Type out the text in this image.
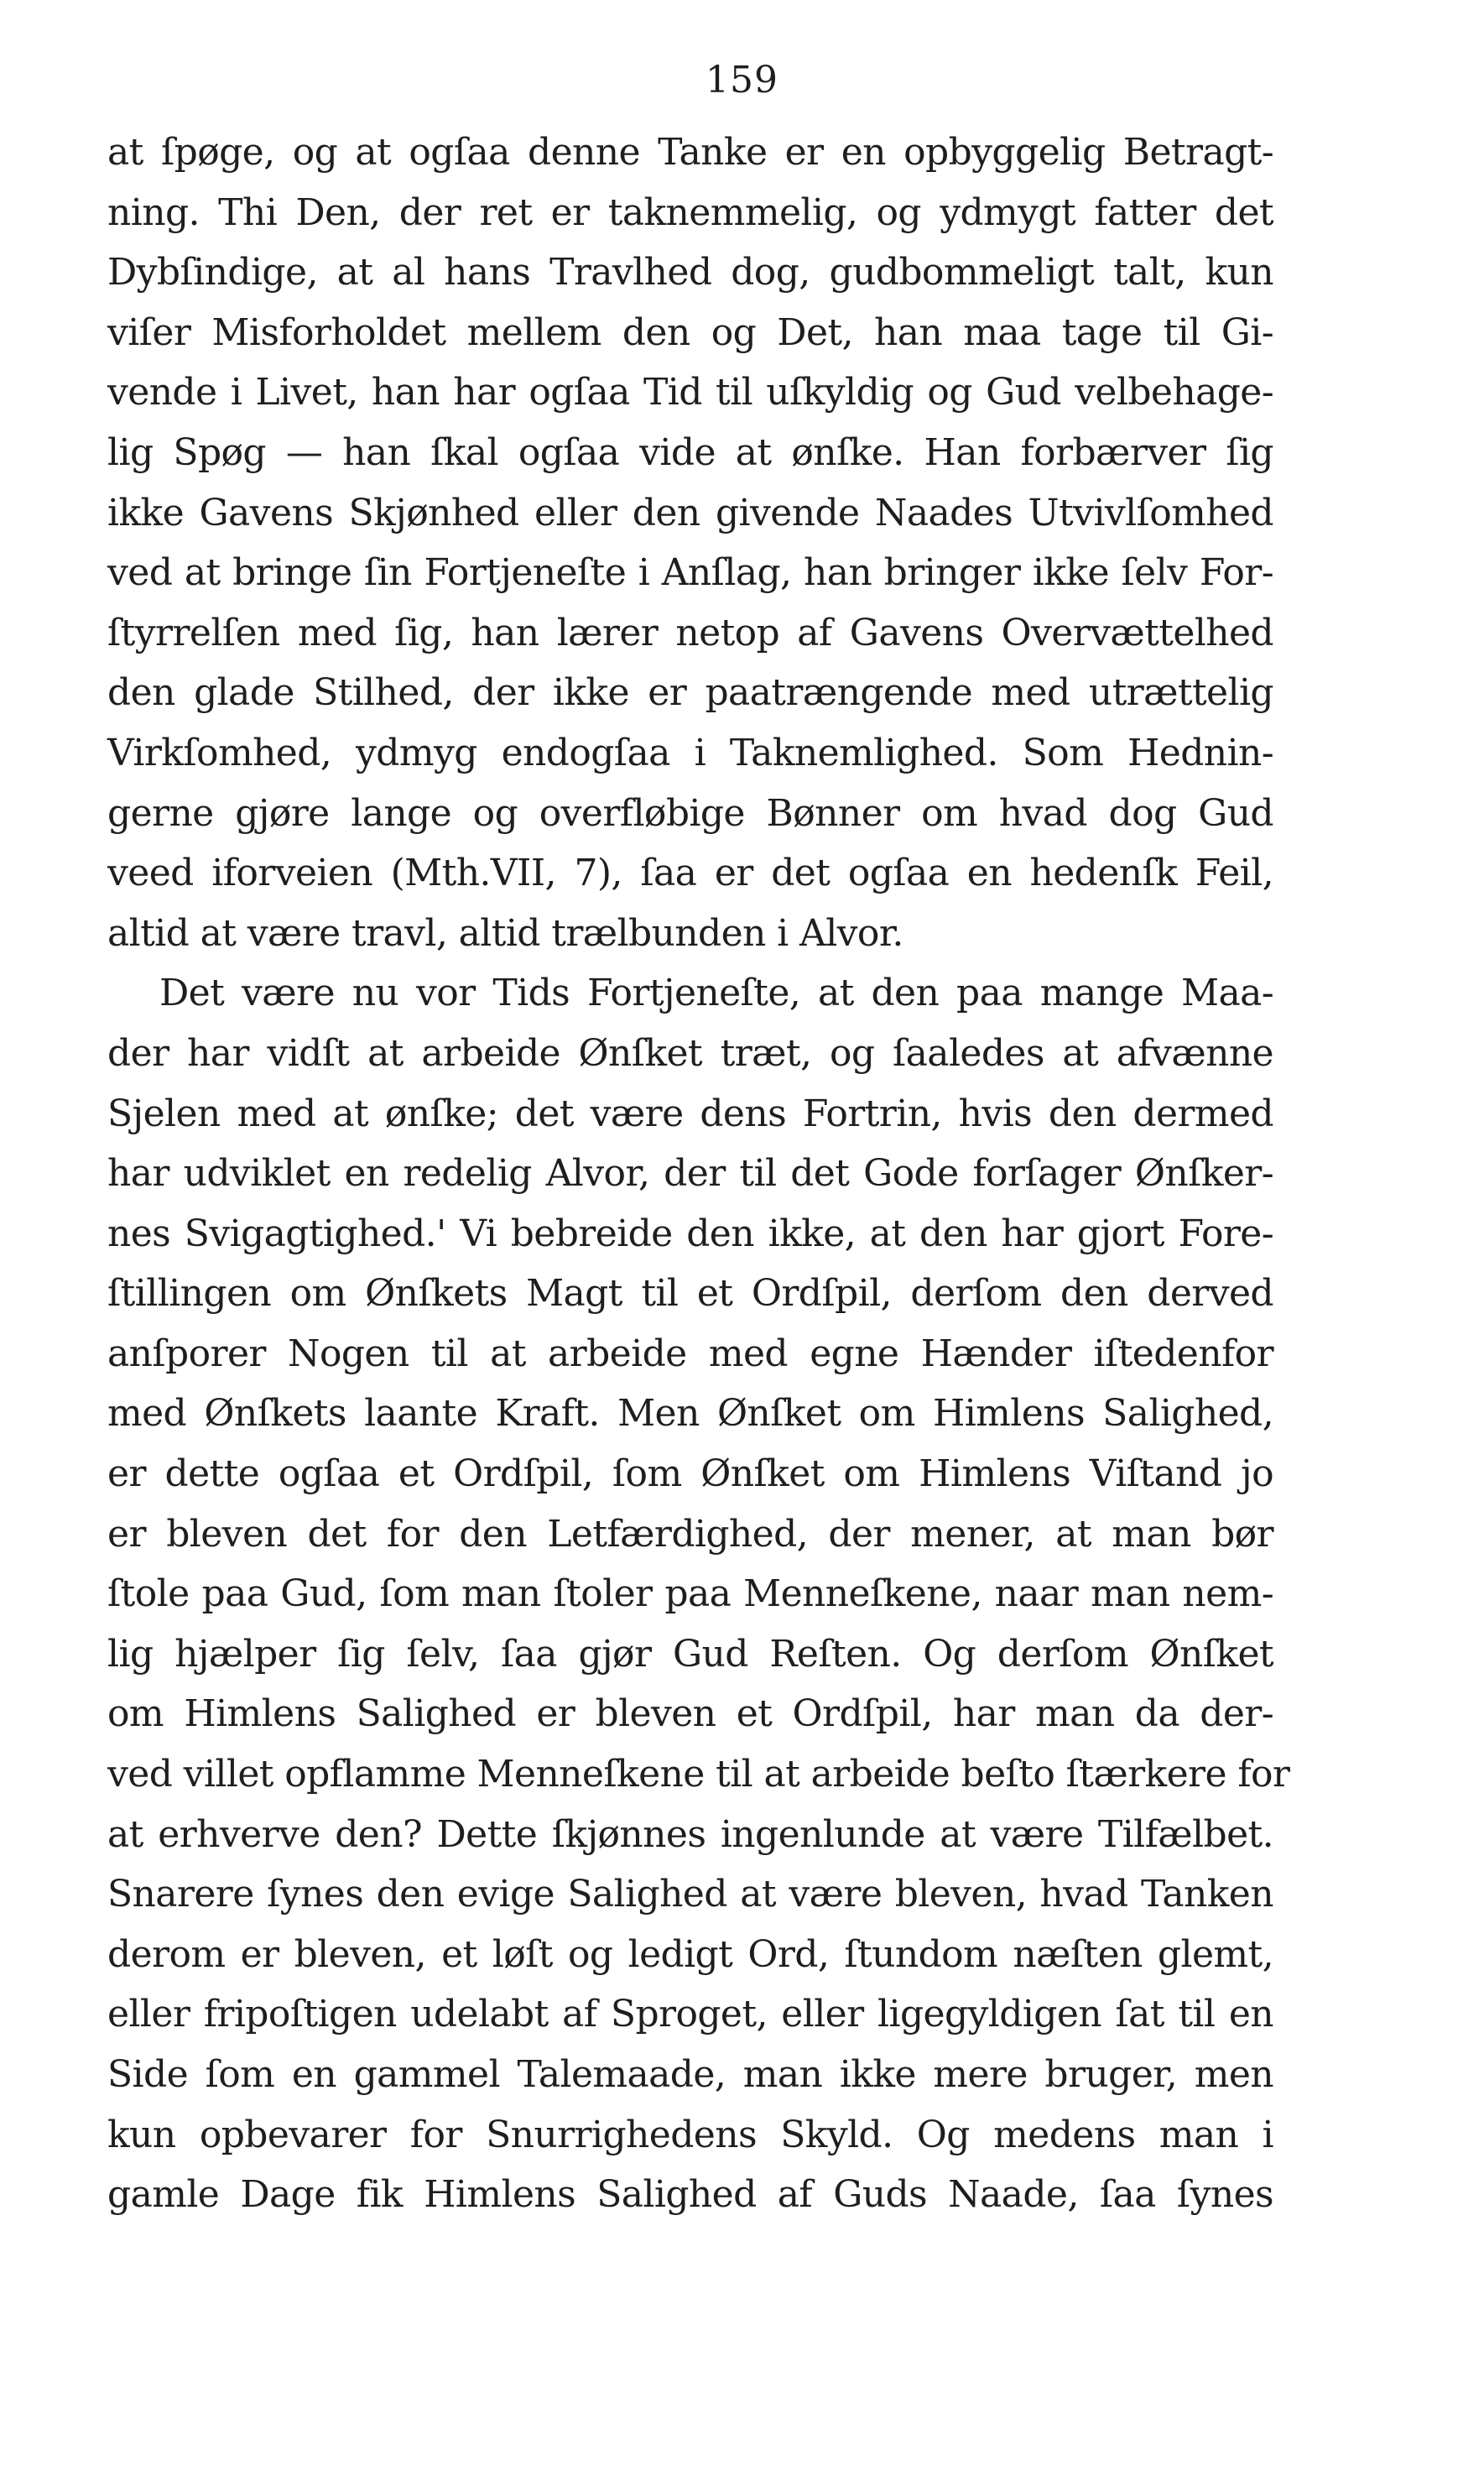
159
at ſpøge, og at ogſaa denne Tanke er en opbyggelig Betragt-
ning. Thi Den, der ret er taknemmelig, og ydmygt fatter det
Dybſindige, at al hans Travlhed dog, gudbommeligt talt, kun
viſer Misforholdet mellem den og Det, han maa tage til Gi-
vende i Livet, han har ogſaa Tid til uſkyldig og Gud velbehage-
lig Spøg — han ſkal ogſaa vide at ønſke. Han forbærver ſig
ikke Gavens Skjønhed eller den givende Naades Utvivlſomhed
ved at bringe ſin Fortjeneſte i Anſlag, han bringer ikke ſelv For-
ſtyrrelſen med ſig, han lærer netop af Gavens Overvættelhed
den glade Stilhed, der ikke er paatrængende med utrættelig
Virkſomhed, ydmyg endogſaa i Taknemlighed. Som Hednin-
gerne gjøre lange og overfløbige Bønner om hvad dog Gud
veed iforveien (Mth.VII, 7), ſaa er det ogſaa en hedenſk Feil,
altid at være travl, altid trælbunden i Alvor.
Det være nu vor Tids Fortjeneſte, at den paa mange Maa-
der har vidſt at arbeide Ønſket træt, og ſaaledes at afvænne
Sjelen med at ønſke; det være dens Fortrin, hvis den dermed
har udviklet en redelig Alvor, der til det Gode forſager Ønſker-
nes Svigagtighed.' Vi bebreide den ikke, at den har gjort Fore-
ſtillingen om Ønſkets Magt til et Ordſpil, derſom den derved
anſporer Nogen til at arbeide med egne Hænder iſtedenfor
med Ønſkets laante Kraft. Men Ønſket om Himlens Salighed,
er dette ogſaa et Ordſpil, ſom Ønſket om Himlens Viſtand jo
er bleven det for den Letfærdighed, der mener, at man bør
ſtole paa Gud, ſom man ſtoler paa Menneſkene, naar man nem-
lig hjælper ſig ſelv, ſaa gjør Gud Reſten. Og derſom Ønſket
om Himlens Salighed er bleven et Ordſpil, har man da der-
ved villet opflamme Menneſkene til at arbeide beſto ſtærkere for
at erhverve den? Dette ſkjønnes ingenlunde at være Tilfælbet.
Snarere ſynes den evige Salighed at være bleven, hvad Tanken
derom er bleven, et løſt og ledigt Ord, ſtundom næſten glemt,
eller fripoſtigen udelabt af Sproget, eller ligegyldigen ſat til en
Side ſom en gammel Talemaade, man ikke mere bruger, men
kun opbevarer for Snurrighedens Skyld. Og medens man i
gamle Dage fik Himlens Salighed af Guds Naade, ſaa ſynes
